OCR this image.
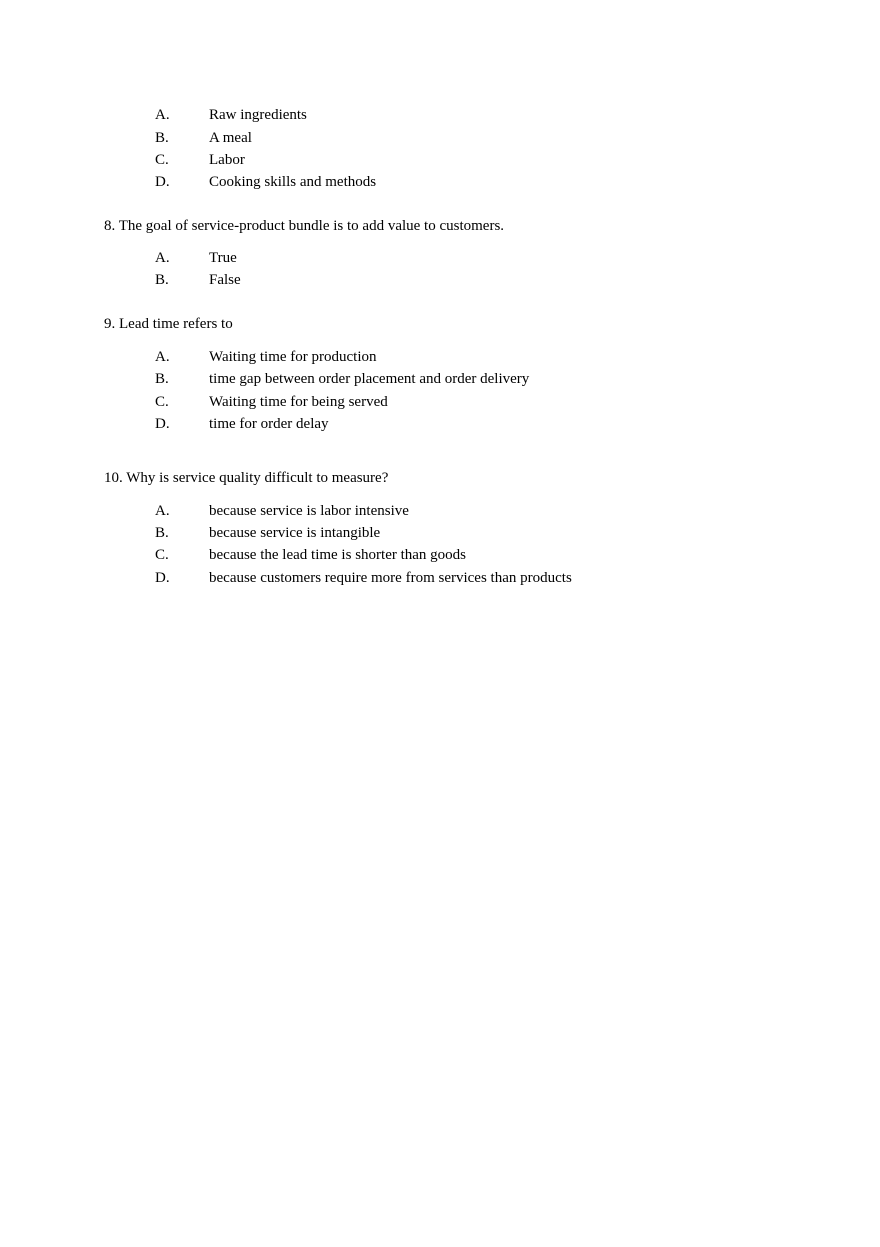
A.	Raw ingredients
B.	A meal
C.	Labor
D.	Cooking skills and methods
8. The goal of service-product bundle is to add value to customers.
A.	True
B.	False
9. Lead time refers to
A.	Waiting time for production
B.	time gap between order placement and order delivery
C.	Waiting time for being served
D.	time for order delay
10. Why is service quality difficult to measure?
A.	because service is labor intensive
B.	because service is intangible
C.	because the lead time is shorter than goods
D.	because customers require more from services than products
